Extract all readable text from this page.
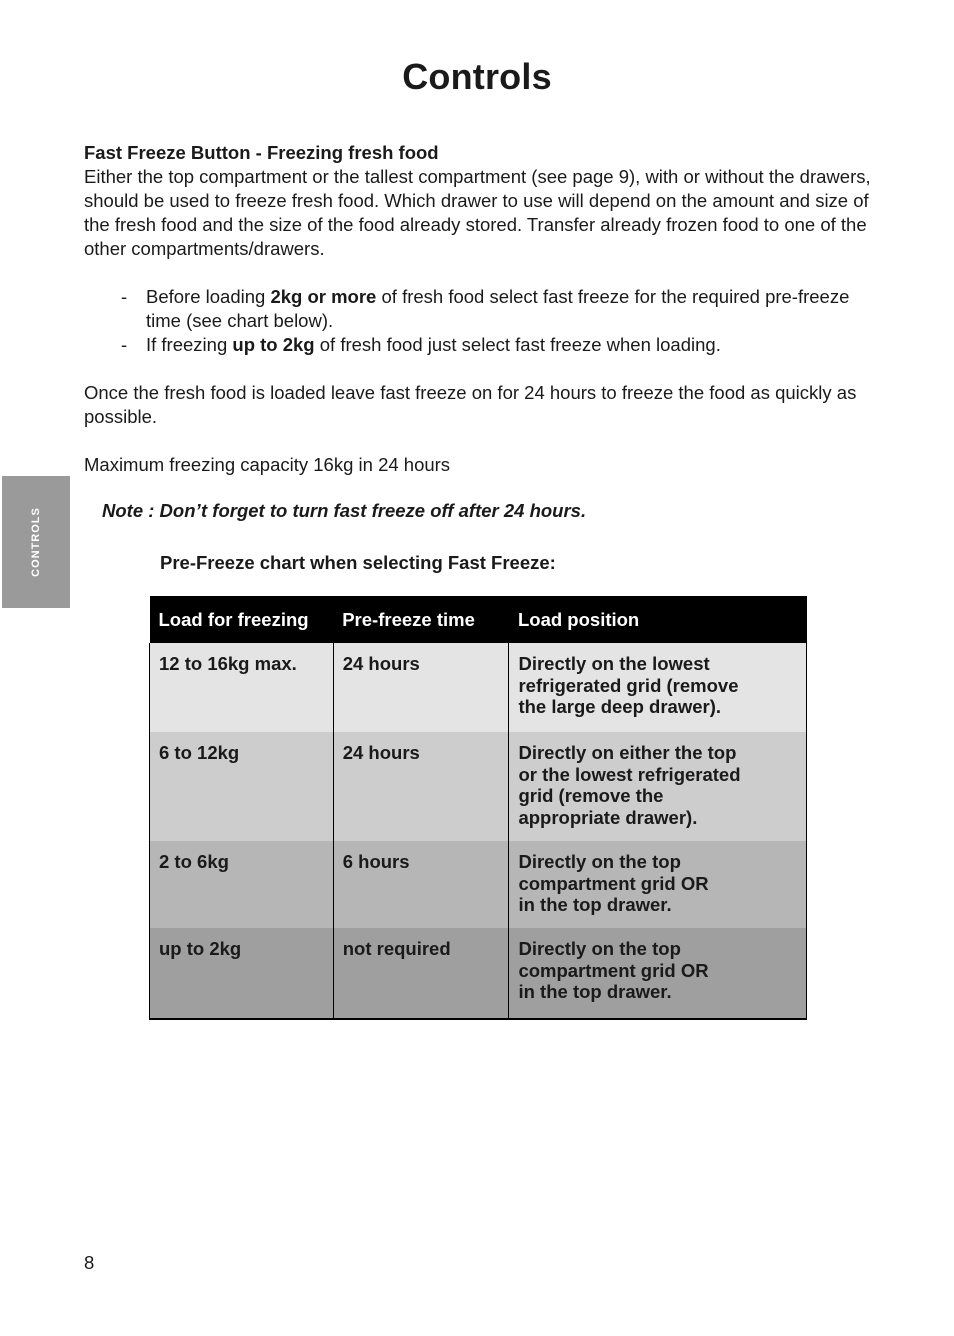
Controls
CONTROLS

Fast Freeze Button - Freezing fresh food

Either the top compartment or the tallest compartment (see page 9), with or without the drawers, should be used to freeze fresh food. Which drawer to use will depend on the amount and size of the fresh food and the size of the food already stored. Transfer already frozen food to one of the other compartments/drawers.

- Before loading 2kg or more of fresh food select fast freeze for the required pre-freeze time (see chart below).
- If freezing up to 2kg of fresh food just select fast freeze when loading.

Once the fresh food is loaded leave fast freeze on for 24 hours to freeze the food as quickly as possible.

Maximum freezing capacity 16kg in 24 hours

Note : Don’t forget to turn fast freeze off after 24 hours.

Pre-Freeze chart when selecting Fast Freeze:

Load for freezing	Pre-freeze time	Load position
12 to 16kg max.	24 hours	Directly on the lowest
refrigerated grid (remove
the large deep drawer).
6 to 12kg	24 hours	Directly on either the top
or the lowest refrigerated
grid (remove the
appropriate drawer).
2 to 6kg	6 hours	Directly on the top
compartment grid OR
in the top drawer.
up to 2kg	not required	Directly on the top
compartment grid OR
in the top drawer.
8
